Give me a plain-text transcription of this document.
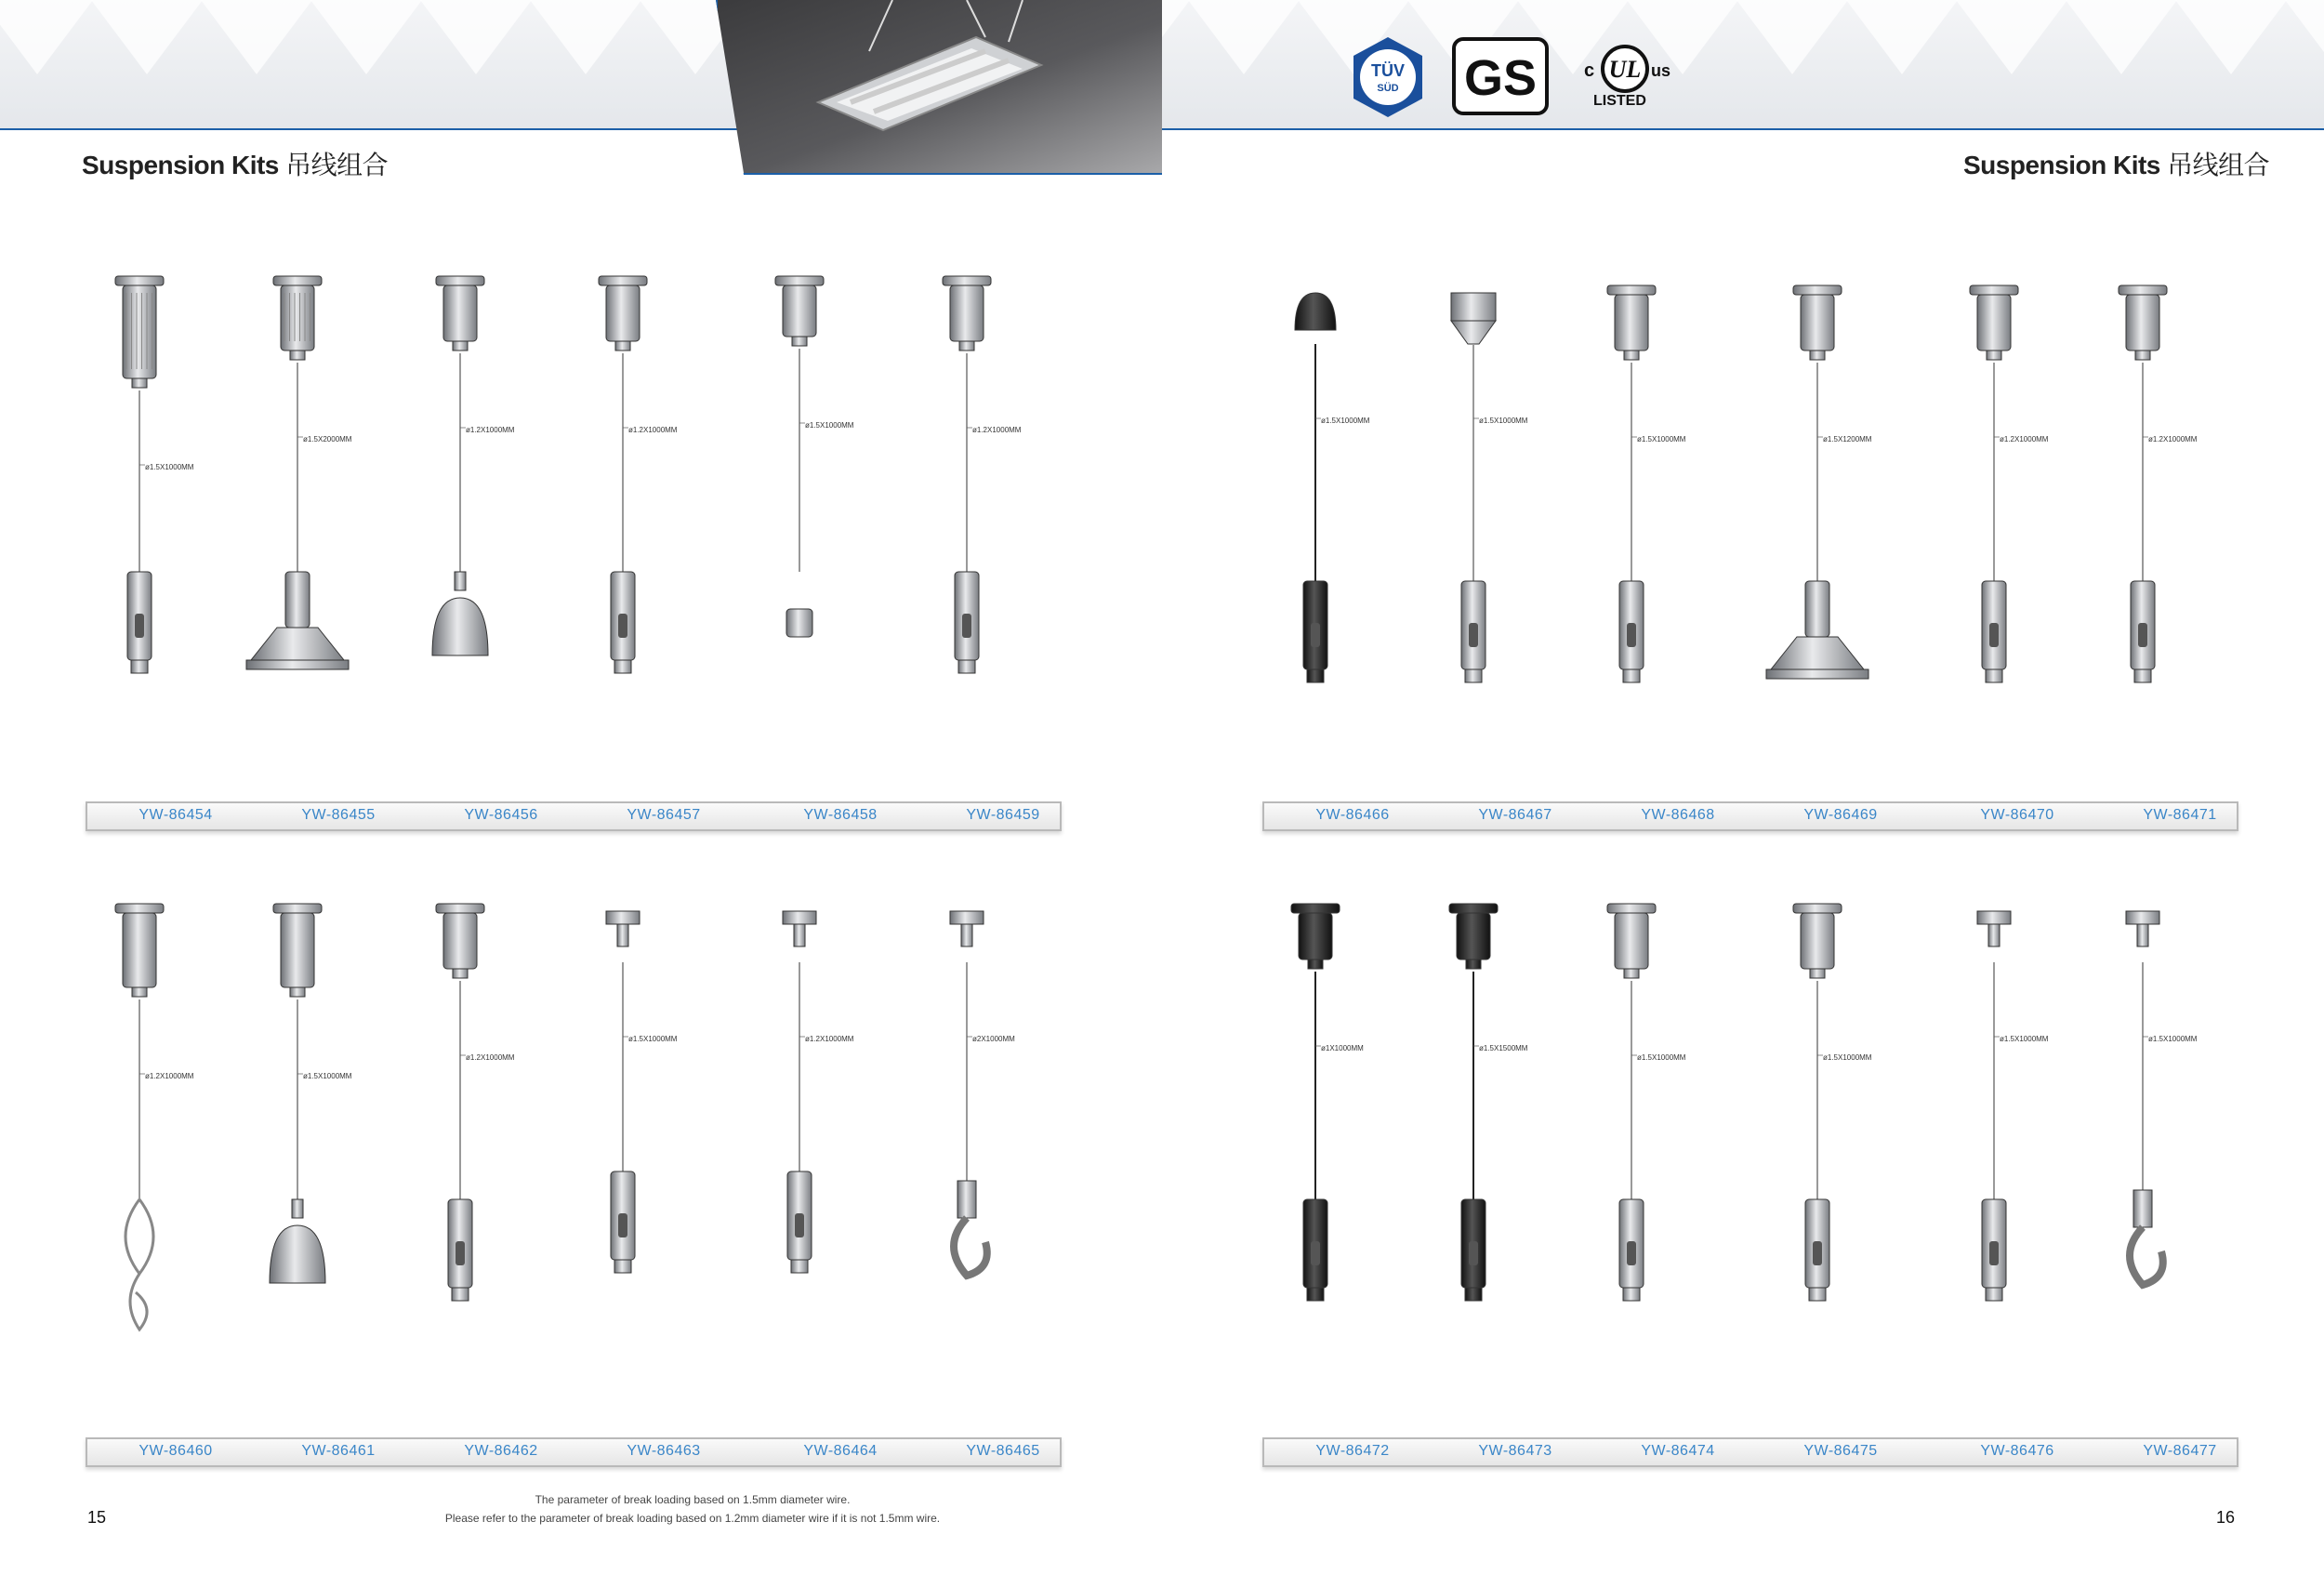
TÜV
SÜD GS	c UL us
LISTED
Suspension Kits 吊线组合	Suspension Kits 吊线组合
ø1.5X1000MM
ø1.5X2000MM
ø1.2X1000MM	ø1.2X1000MM
ø1.5X1000MM
ø1.2X1000MM
ø1.5X1000MM	ø1.5X1000MM
ø1.5X1000MM	ø1.5X1200MM	ø1.2X1000MM	ø1.2X1000MM
ø1.2X1000MM	ø1.5X1000MM
ø1.2X1000MM
ø1.5X1000MM	ø1.2X1000MM	ø2X1000MM
ø1X1000MM	ø1.5X1500MM
ø1.5X1000MM	ø1.5X1000MM
ø1.5X1000MM	ø1.5X1000MM
YW-86454	YW-86455	YW-86456	YW-86457	YW-86458	YW-86459	YW-86466	YW-86467	YW-86468	YW-86469	YW-86470	YW-86471
YW-86460	YW-86461	YW-86462	YW-86463	YW-86464	YW-86465	YW-86472	YW-86473	YW-86474	YW-86475	YW-86476	YW-86477
The parameter of break loading based on 1.5mm diameter wire.
Please refer to the parameter of break loading based on 1.2mm diameter wire if it is not 1.5mm wire.
15	16
